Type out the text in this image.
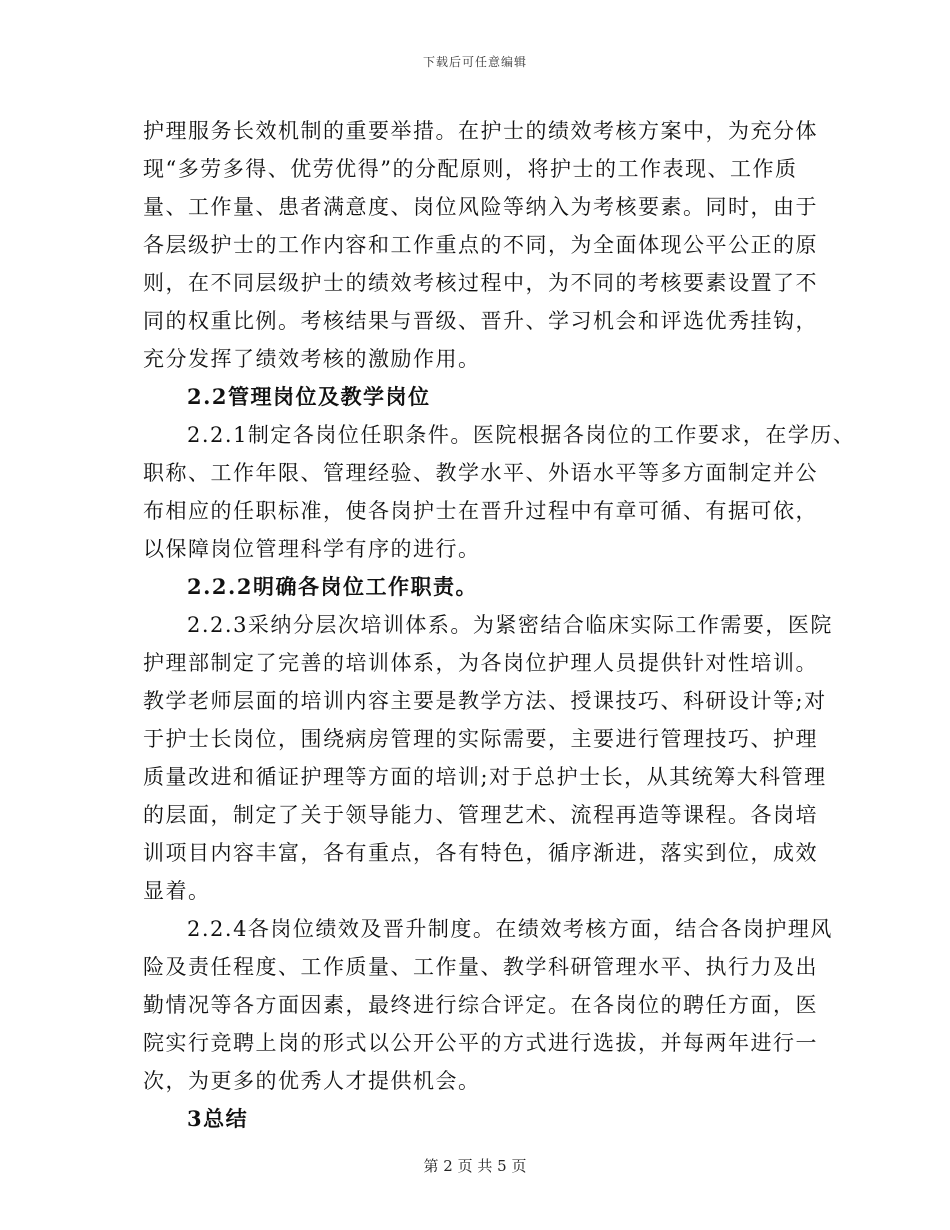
下载后可任意编辑
护理服务长效机制的重要举措。在护士的绩效考核方案中，为充分体
现“多劳多得、优劳优得”的分配原则，将护士的工作表现、工作质
量、工作量、患者满意度、岗位风险等纳入为考核要素。同时，由于
各层级护士的工作内容和工作重点的不同，为全面体现公平公正的原
则，在不同层级护士的绩效考核过程中，为不同的考核要素设置了不
同的权重比例。考核结果与晋级、晋升、学习机会和评选优秀挂钩，
充分发挥了绩效考核的激励作用。
2.2管理岗位及教学岗位
2.2.1制定各岗位任职条件。医院根据各岗位的工作要求，在学历、
职称、工作年限、管理经验、教学水平、外语水平等多方面制定并公
布相应的任职标准，使各岗护士在晋升过程中有章可循、有据可依，
以保障岗位管理科学有序的进行。
2.2.2明确各岗位工作职责。
2.2.3采纳分层次培训体系。为紧密结合临床实际工作需要，医院
护理部制定了完善的培训体系，为各岗位护理人员提供针对性培训。
教学老师层面的培训内容主要是教学方法、授课技巧、科研设计等;对
于护士长岗位，围绕病房管理的实际需要，主要进行管理技巧、护理
质量改进和循证护理等方面的培训;对于总护士长，从其统筹大科管理
的层面，制定了关于领导能力、管理艺术、流程再造等课程。各岗培
训项目内容丰富，各有重点，各有特色，循序渐进，落实到位，成效
显着。
2.2.4各岗位绩效及晋升制度。在绩效考核方面，结合各岗护理风
险及责任程度、工作质量、工作量、教学科研管理水平、执行力及出
勤情况等各方面因素，最终进行综合评定。在各岗位的聘任方面，医
院实行竞聘上岗的形式以公开公平的方式进行选拔，并每两年进行一
次，为更多的优秀人才提供机会。
3总结
第 2 页 共 5 页
